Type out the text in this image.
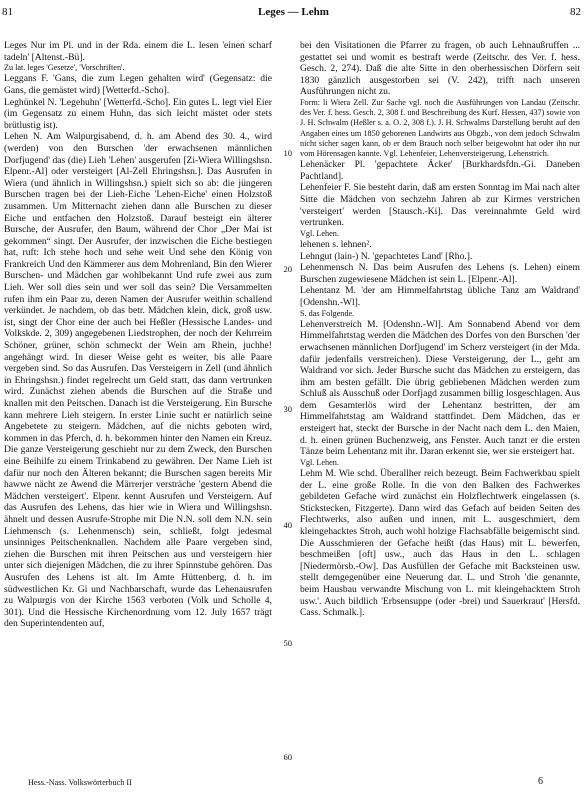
81	Leges — Lehm	82

Leges Nur im Pl. und in der Rda. einem die L. lesen 'einen scharf tadeln' [Altenst.-Bü].

Zu lat. leges 'Gesetze', 'Vorschriften'.

Leggans F. 'Gans, die zum Legen gehalten wird' (Gegensatz: die Gans, die gemästet wird) [Wetterfd.-Scho].

Leghünkel N. 'Legehuhn' [Wetterfd.-Scho]. Ein gutes L. legt viel Eier (im Gegensatz zu einem Huhn, das sich leicht mästet oder stets brütlustig ist).

Lehen N. Am Walpurgisabend, d. h. am Abend des 30. 4., wird (werden) von den Burschen 'der erwachsenen männlichen Dorfjugend' das (die) Lieh 'Lehen' ausgerufen [Zi-Wiera Willingshsn. Elpenr.-Al] oder versteigert [Al-Zell Ehringshsn.]. Das Ausrufen in Wiera (und ähnlich in Willingshsn.) spielt sich so ab: die jüngeren Burschen tragen bei der Lieh-Eiche 'Lehen-Eiche' einen Holzstoß zusammen. Um Mitternacht ziehen dann alle Burschen zu dieser Eiche und entfachen den Holzstoß. Darauf besteigt ein älterer Bursche, der Ausrufer, den Baum, während der Chor „Der Mai ist gekommen“ singt. Der Ausrufer, der inzwischen die Eiche bestiegen hat, ruft: Ich stehe hoch und sehe weit Und sehe den König von Frankreich Und den Kämmerer aus dem Mohrenland, Bin den Wierer Burschen- und Mädchen gar wohlbekannt Und rufe zwei aus zum Lieh. Wer soll dies sein und wer soll das sein? Die Versammelten rufen ihm ein Paar zu, deren Namen der Ausrufer weithin schallend verkündet. Je nachdem, ob das betr. Mädchen klein, dick, groß usw. ist, singt der Chor eine der auch bei Heßler (Hessische Landes- und Volkskde. 2, 309) angegebenen Liedstrophen, der noch der Kehrreim Schöner, grüner, schön schmeckt der Wein am Rhein, juchhe! angehängt wird. In dieser Weise geht es weiter, bis alle Paare vergeben sind. So das Ausrufen. Das Versteigern in Zell (und ähnlich in Ehringshsn.) findet regelrecht um Geld statt, das dann vertrunken wird. Zunächst ziehen abends die Burschen auf die Straße und knallen mit den Peitschen. Danach ist die Versteigerung. Ein Bursche kann mehrere Lieh steigern. In erster Linie sucht er natürlich seine Angebetete zu steigern. Mädchen, auf die nichts geboten wird, kommen in das Pferch, d. h. bekommen hinter den Namen ein Kreuz. Die ganze Versteigerung geschieht nur zu dem Zweck, den Burschen eine Beihilfe zu einem Trinkabend zu gewähren. Der Name Lieh ist dafür nur noch den Älteren bekannt; die Burschen sagen bereits Mir hawwe nächt ze Awend die Märrerjer versträche 'gestern Abend die Mädchen versteigert'. Elpenr. kennt Ausrufen und Versteigern. Auf das Ausrufen des Lehens, das hier wie in Wiera und Willingshsn. ähnelt und dessen Ausrufe-Strophe mit Die N.N. soll dem N.N. sein Liehmensch (s. Lehenmensch) sein, schließt, folgt jedesmal unsinniges Peitschenknallen. Nachdem alle Paare vergeben sind, ziehen die Burschen mit ihren Peitschen aus und versteigern hier unter sich diejenigen Mädchen, die zu ihrer Spinnstube gehören. Das Ausrufen des Lehens ist alt. Im Amte Hüttenberg, d. h. im südwestlichen Kr. Gi und Nachbarschaft, wurde das Lehenausrufen zu Walpurgis von der Kirche 1563 verboten (Volk und Scholle 4, 301). Und die Hessische Kirchenordnung vom 12. July 1657 trägt den Superintendenten auf,

bei den Visitationen die Pfarrer zu fragen, ob auch Lehnaußruffen ... gestattet sei und womit es bestraft werde (Zeitschr. des Ver. f. hess. Gesch. 2, 274). Daß die alte Sitte in den oberhessischen Dörfern seit 1830 gänzlich ausgestorben sei (V. 242), trifft nach unseren Ausführungen nicht zu.

Form: li Wiera Zell. Zur Sache vgl. noch die Ausführungen von Landau (Zeitschr. des Ver. f. hess. Gesch. 2, 308 f. und Beschreibung des Kurf. Hessen, 437) sowie von J. H. Schwalm (Heßler s. a. O. 2, 308 f.). J. H. Schwalms Darstellung beruht auf den Angaben eines um 1850 geborenen Landwirts aus Obgzb., von dem jedoch Schwalm nicht sicher sagen kann, ob er dem Brauch noch selber beigewohnt hat oder ihn nur vom Hörensagen kannte. Vgl. Lehenfeier, Lehenversteigerung, Lehenstrich.

Lehenäcker Pl. 'gepachtete Äcker' [Burkhardsfdn.-Gi. Daneben Pachtland].

Lehenfeier F. Sie besteht darin, daß am ersten Sonntag im Mai nach alter Sitte die Mädchen von sechzehn Jahren ab zur Kirmes verstrichen 'versteigert' werden [Stausch.-Ki]. Das vereinnahmte Geld wird vertrunken.

Vgl. Lehen.

lehenen s. lehnen².

Lehngut (lain-) N. 'gepachtetes Land' [Rho.].

Lehenmensch N. Das beim Ausrufen des Lehens (s. Lehen) einem Burschen zugewiesene Mädchen ist sein L. [Elpenr.-Al].

Lehentanz M. 'der am Himmelfahrtstag übliche Tanz am Waldrand' [Odenshn.-Wl].

S. das Folgende.

Lehenverstreich M. [Odenshn.-Wl]. Am Sonnabend Abend vor dem Himmelfahrtstag werden die Mädchen des Dorfes von den Burschen 'der erwachsenen männlichen Dorfjugend' im Scherz versteigert (in der Mda. dafür jedenfalls verstreichen). Diese Versteigerung, der L., geht am Waldrand vor sich. Jeder Bursche sucht das Mädchen zu ersteigern, das ihm am besten gefällt. Die übrig gebliebenen Mädchen werden zum Schluß als Ausschuß oder Dorfjagd zusammen billig losgeschlagen. Aus dem Gesamterlös wird der Lehentanz bestritten, der am Himmelfahrtstag am Waldrand stattfindet. Dem Mädchen, das er ersteigert hat, steckt der Bursche in der Nacht nach dem L. den Maien, d. h. einen grünen Buchenzweig, ans Fenster. Auch tanzt er die ersten Tänze beim Lehentanz mit ihr. Daran erkennt sie, wer sie ersteigert hat.

Vgl. Lehen.

Lehm M. Wie schd. Überallher reich bezeugt. Beim Fachwerkbau spielt der L. eine große Rolle. In die von den Balken des Fachwerkes gebildeten Gefache wird zunächst ein Holzflechtwerk eingelassen (s. Stickstecken, Fitzgerte). Dann wird das Gefach auf beiden Seiten des Flechtwerks, also außen und innen, mit L. ausgeschmiert, dem kleingehacktes Stroh, auch wohl holzige Flachsabfälle beigemischt sind. Die Ausschmieren der Gefache heißt (das Haus) mit L. bewerfen, beschmeißen [oft] usw., auch das Haus in den L. schlagen [Niedermörsb.-Ow]. Das Ausfüllen der Gefache mit Backsteinen usw. stellt demgegenüber eine Neuerung dar. L. und Stroh 'die genannte, beim Hausbau verwandte Mischung von L. mit kleingehacktem Stroh usw.'. Auch bildlich 'Erbsensuppe (oder -brei) und Sauerkraut' [Hersfd. Cass. Schmalk.].

10
20
30
40
50
60
Hess.-Nass. Volkswörterbuch II	6
